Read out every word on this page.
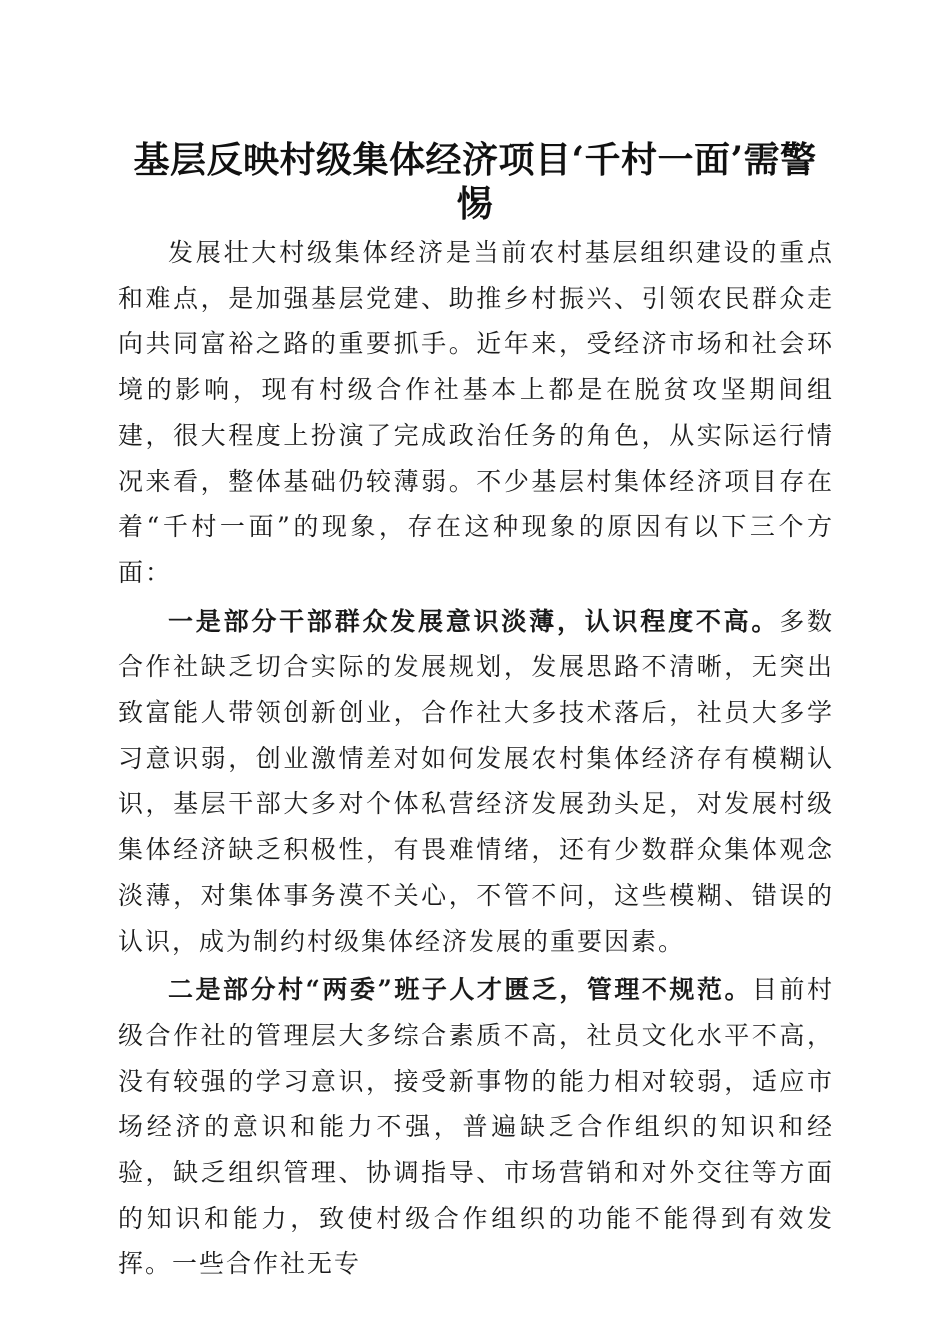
基层反映村级集体经济项目‘千村一面’需警惕

发展壮大村级集体经济是当前农村基层组织建设的重点和难点，是加强基层党建、助推乡村振兴、引领农民群众走向共同富裕之路的重要抓手。近年来，受经济市场和社会环境的影响，现有村级合作社基本上都是在脱贫攻坚期间组建，很大程度上扮演了完成政治任务的角色，从实际运行情况来看，整体基础仍较薄弱。不少基层村集体经济项目存在着“千村一面”的现象，存在这种现象的原因有以下三个方面：

一是部分干部群众发展意识淡薄，认识程度不高。多数合作社缺乏切合实际的发展规划，发展思路不清晰，无突出致富能人带领创新创业，合作社大多技术落后，社员大多学习意识弱，创业激情差对如何发展农村集体经济存有模糊认识，基层干部大多对个体私营经济发展劲头足，对发展村级集体经济缺乏积极性，有畏难情绪，还有少数群众集体观念淡薄，对集体事务漠不关心，不管不问，这些模糊、错误的认识，成为制约村级集体经济发展的重要因素。

二是部分村“两委”班子人才匮乏，管理不规范。目前村级合作社的管理层大多综合素质不高，社员文化水平不高，没有较强的学习意识，接受新事物的能力相对较弱，适应市场经济的意识和能力不强，普遍缺乏合作组织的知识和经验，缺乏组织管理、协调指导、市场营销和对外交往等方面的知识和能力，致使村级合作组织的功能不能得到有效发挥。一些合作社无专
